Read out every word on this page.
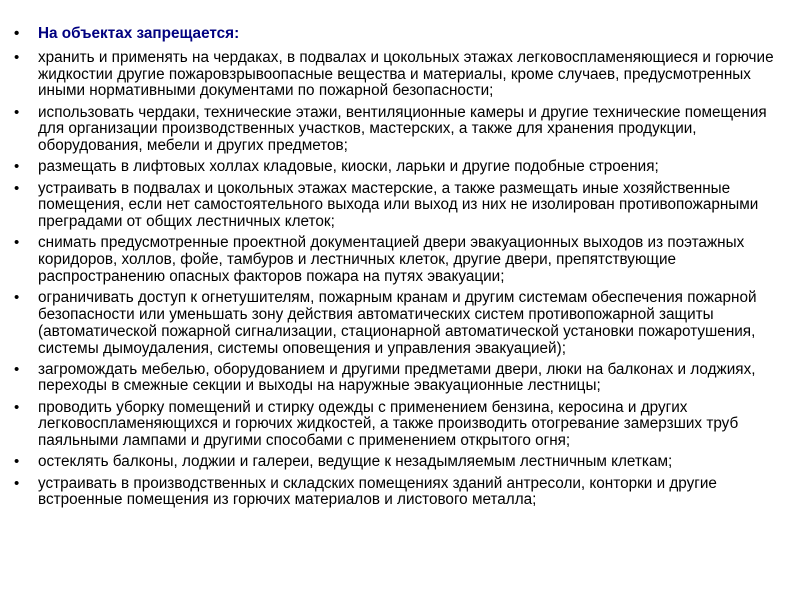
•	На объектах запрещается:
•	хранить и применять на чердаках, в подвалах и цокольных этажах легковоспламеняющиеся и горючие жидкостии другие пожаровзрывоопасные вещества и материалы, кроме случаев, предусмотренных иными нормативными документами по пожарной безопасности;
•	использовать чердаки, технические этажи, вентиляционные камеры и другие технические помещения для организации производственных участков, мастерских, а также для хранения продукции, оборудования, мебели и других предметов;
•	размещать в лифтовых холлах кладовые, киоски, ларьки и другие подобные строения;
•	устраивать в подвалах и цокольных этажах мастерские, а также размещать иные хозяйственные помещения, если нет самостоятельного выхода или выход из них не изолирован противопожарными преградами от общих лестничных клеток;
•	снимать предусмотренные проектной документацией двери эвакуационных выходов из поэтажных коридоров, холлов, фойе, тамбуров и лестничных клеток, другие двери, препятствующие распространению опасных факторов пожара на путях эвакуации;
•	ограничивать доступ к огнетушителям, пожарным кранам и другим системам обеспечения пожарной безопасности или уменьшать зону действия автоматических систем противопожарной защиты (автоматической пожарной сигнализации, стационарной автоматической установки пожаротушения, системы дымоудаления, системы оповещения и управления эвакуацией);
•	загромождать мебелью, оборудованием и другими предметами двери, люки на балконах и лоджиях, переходы в смежные секции и выходы на наружные эвакуационные лестницы;
•	проводить уборку помещений и стирку одежды с применением бензина, керосина и других легковоспламеняющихся и горючих жидкостей, а также производить отогревание замерзших труб паяльными лампами и другими способами с применением открытого огня;
•	остеклять балконы, лоджии и галереи, ведущие к незадымляемым лестничным клеткам;
•	устраивать в производственных и складских помещениях зданий антресоли, конторки и другие встроенные помещения из горючих материалов и листового металла;
